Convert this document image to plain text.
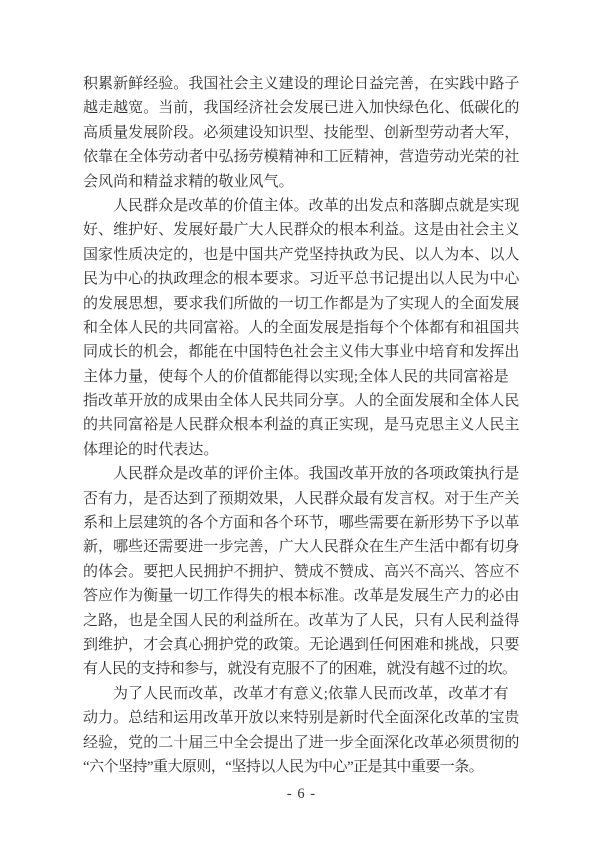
积累新鲜经验。我国社会主义建设的理论日益完善，在实践中路子
越走越宽。当前，我国经济社会发展已进入加快绿色化、低碳化的
高质量发展阶段。必须建设知识型、技能型、创新型劳动者大军，
依靠在全体劳动者中弘扬劳模精神和工匠精神，营造劳动光荣的社
会风尚和精益求精的敬业风气。
人民群众是改革的价值主体。改革的出发点和落脚点就是实现
好、维护好、发展好最广大人民群众的根本利益。这是由社会主义
国家性质决定的，也是中国共产党坚持执政为民、以人为本、以人
民为中心的执政理念的根本要求。习近平总书记提出以人民为中心
的发展思想，要求我们所做的一切工作都是为了实现人的全面发展
和全体人民的共同富裕。人的全面发展是指每个个体都有和祖国共
同成长的机会，都能在中国特色社会主义伟大事业中培育和发挥出
主体力量，使每个人的价值都能得以实现;全体人民的共同富裕是
指改革开放的成果由全体人民共同分享。人的全面发展和全体人民
的共同富裕是人民群众根本利益的真正实现，是马克思主义人民主
体理论的时代表达。
人民群众是改革的评价主体。我国改革开放的各项政策执行是
否有力，是否达到了预期效果，人民群众最有发言权。对于生产关
系和上层建筑的各个方面和各个环节，哪些需要在新形势下予以革
新，哪些还需要进一步完善，广大人民群众在生产生活中都有切身
的体会。要把人民拥护不拥护、赞成不赞成、高兴不高兴、答应不
答应作为衡量一切工作得失的根本标准。改革是发展生产力的必由
之路，也是全国人民的利益所在。改革为了人民，只有人民利益得
到维护，才会真心拥护党的政策。无论遇到任何困难和挑战，只要
有人民的支持和参与，就没有克服不了的困难，就没有越不过的坎。
为了人民而改革，改革才有意义;依靠人民而改革，改革才有
动力。总结和运用改革开放以来特别是新时代全面深化改革的宝贵
经验，党的二十届三中全会提出了进一步全面深化改革必须贯彻的
“六个坚持”重大原则，“坚持以人民为中心”正是其中重要一条。
- 6 -
